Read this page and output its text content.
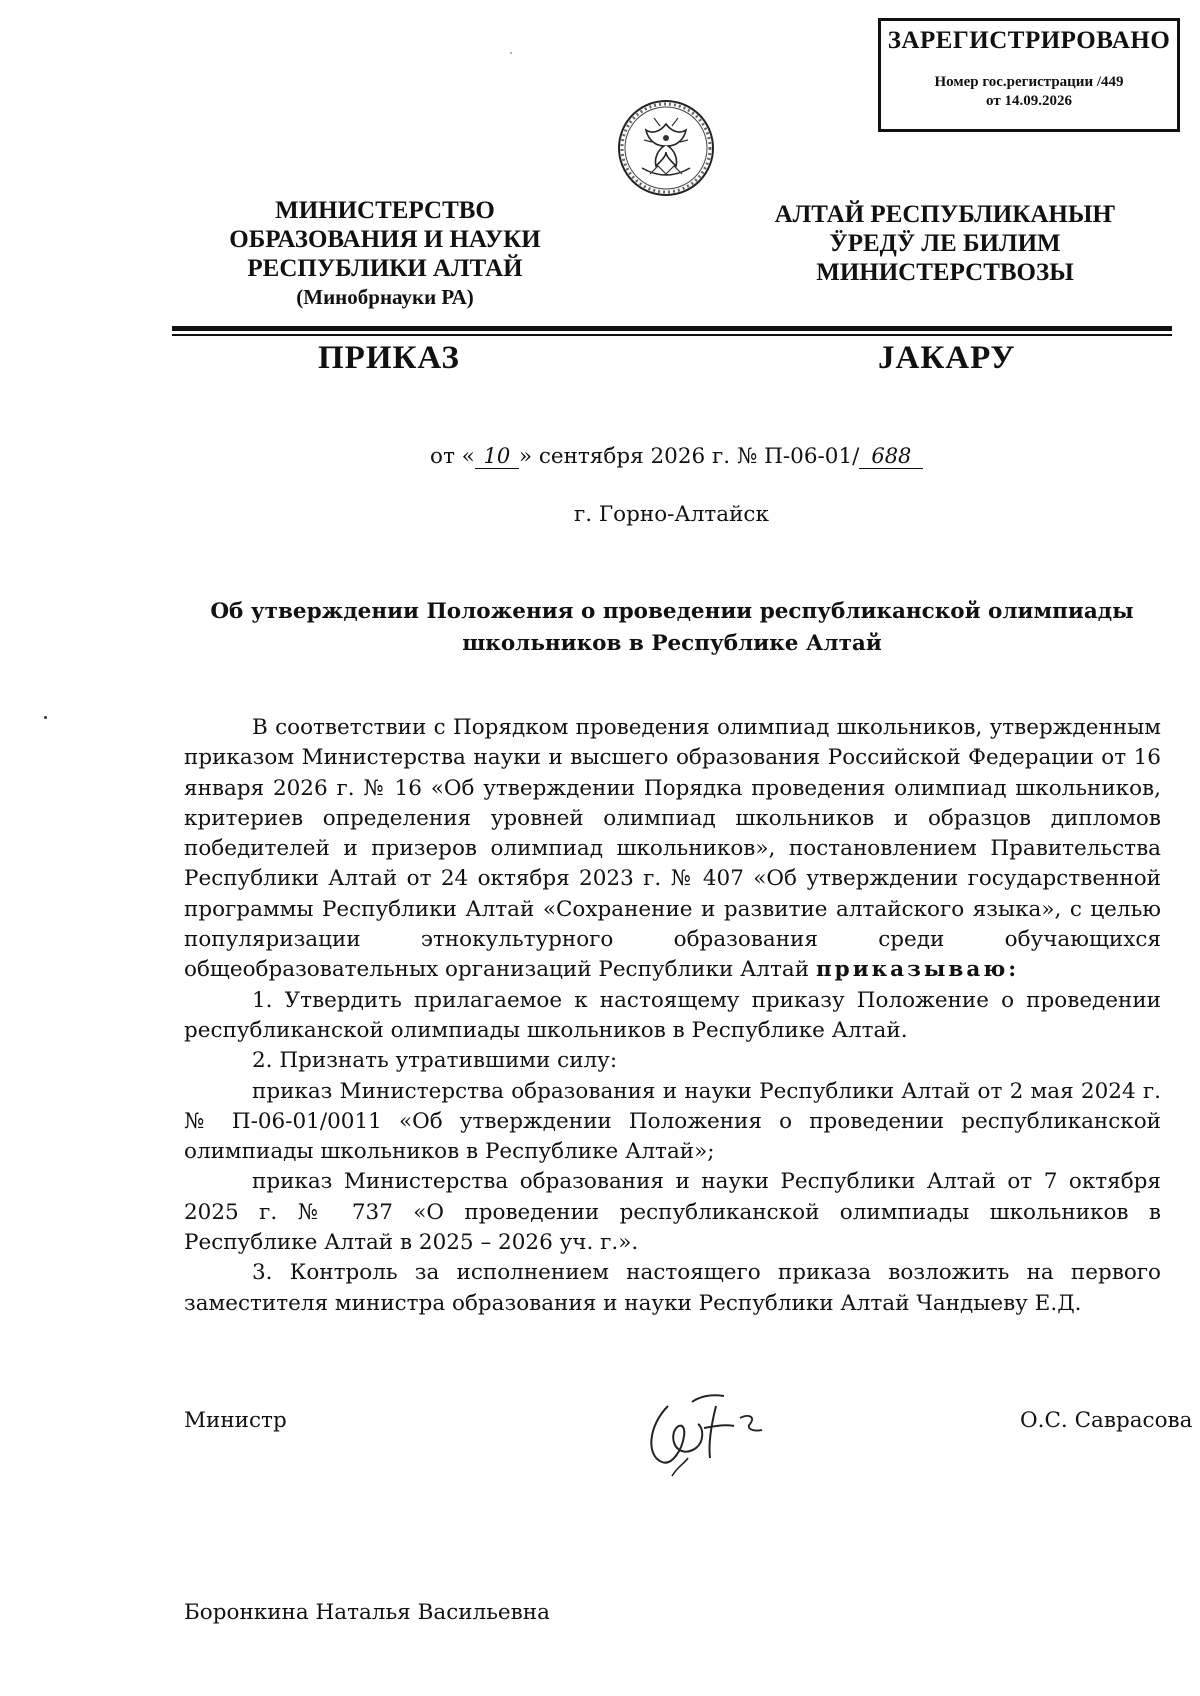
ЗАРЕГИСТРИРОВАНО
Номер гос.регистрации /449
от 14.09.2026
МИНИСТЕРСТВО
ОБРАЗОВАНИЯ И НАУКИ
РЕСПУБЛИКИ АЛТАЙ
(Минобрнауки РА)
АЛТАЙ РЕСПУБЛИКАНЫҤ
ӰРЕДӰ ЛЕ БИЛИМ
МИНИСТЕРСТВОЗЫ
ПРИКАЗ	ЈАКАРУ
от « 10 » сентября 2026 г. № П-06-01/ 688
г. Горно-Алтайск
Об утверждении Положения о проведении республиканской олимпиады
школьников в Республике Алтай
В соответствии с Порядком проведения олимпиад школьников, утвержденным приказом Министерства науки и высшего образования Российской Федерации от 16 января 2026 г. № 16 «Об утверждении Порядка проведения олимпиад школьников, критериев определения уровней олимпиад школьников и образцов дипломов победителей и призеров олимпиад школьников», постановлением Правительства Республики Алтай от 24 октября 2023 г. № 407 «Об утверждении государственной программы Республики Алтай «Сохранение и развитие алтайского языка», с целью популяризации этнокультурного образования среди обучающихся общеобразовательных организаций Республики Алтай приказываю:
1. Утвердить прилагаемое к настоящему приказу Положение о проведении республиканской олимпиады школьников в Республике Алтай.
2. Признать утратившими силу:
приказ Министерства образования и науки Республики Алтай от 2 мая 2024 г. № П-06-01/0011 «Об утверждении Положения о проведении республиканской олимпиады школьников в Республике Алтай»;
приказ Министерства образования и науки Республики Алтай от 7 октября 2025 г. № 737 «О проведении республиканской олимпиады школьников в Республике Алтай в 2025 – 2026 уч. г.».
3. Контроль за исполнением настоящего приказа возложить на первого заместителя министра образования и науки Республики Алтай Чандыеву Е.Д.
Министр	О.С. Саврасова
Боронкина Наталья Васильевна
